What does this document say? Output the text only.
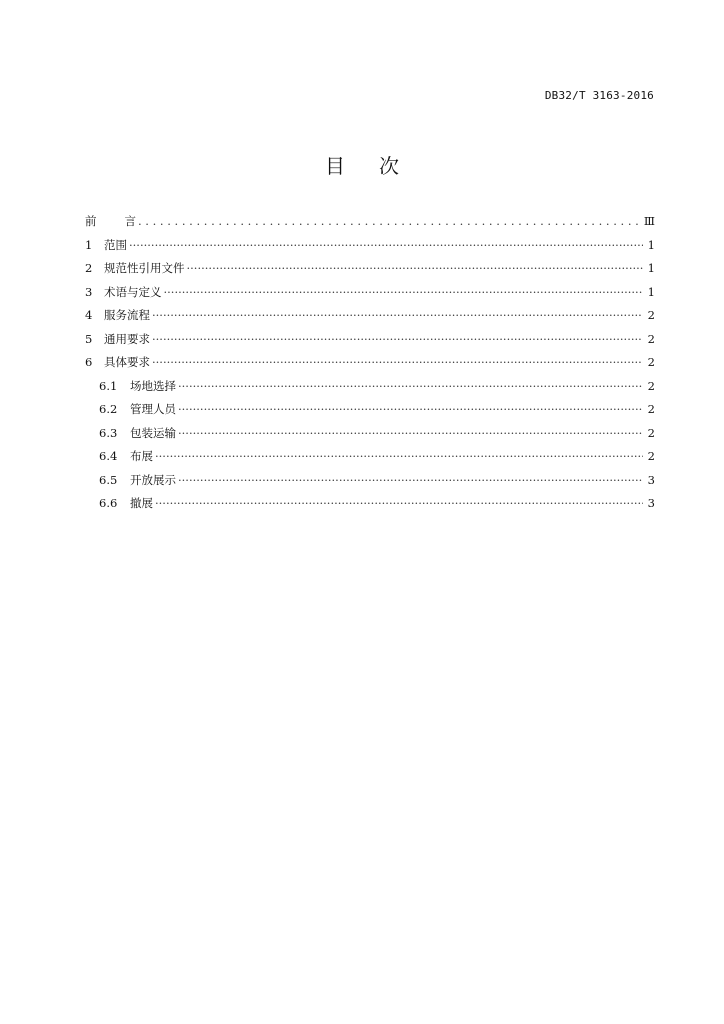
DB32/T 3163-2016
目次
前 言 . . .	Ⅲ
1	范围 ·····	1
2	规范性引用文件 ·····	1
3	术语与定义 ·····	1
4	服务流程 ·····	2
5	通用要求 ·····	2
6	具体要求 ·····	2
6.1	场地选择 ·····	2
6.2	管理人员 ·····	2
6.3	包装运输 ·····	2
6.4	布展 ·····	2
6.5	开放展示 ·····	3
6.6	撤展 ·····	3
